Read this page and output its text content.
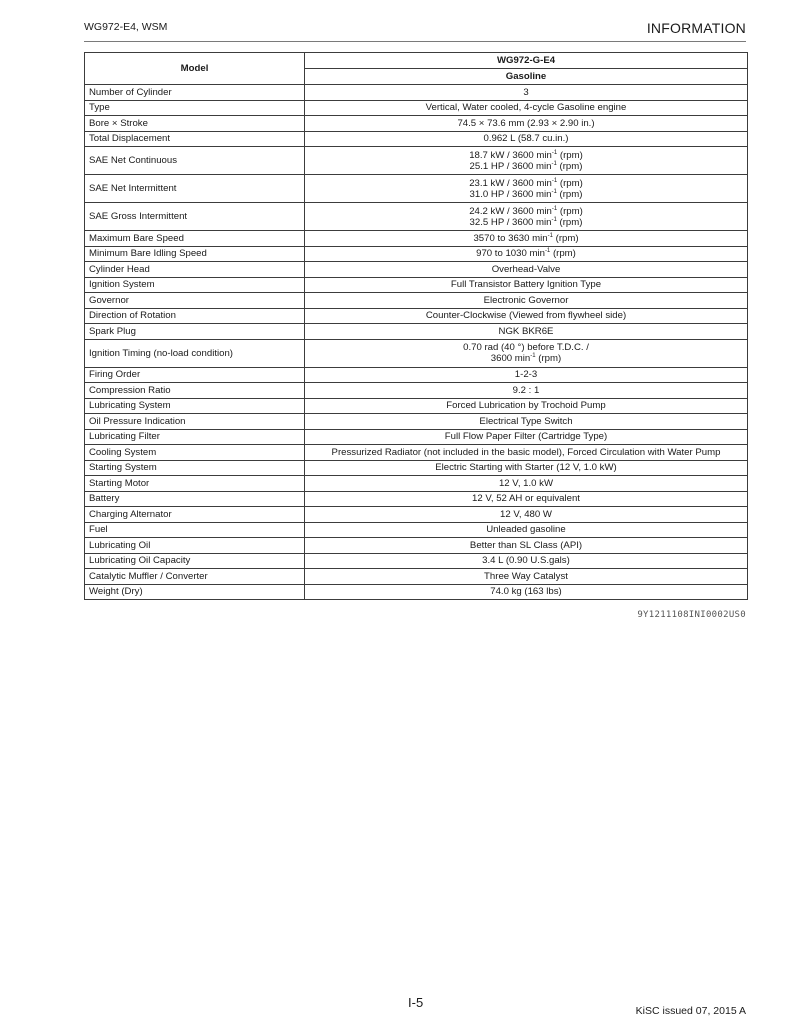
WG972-E4, WSM	INFORMATION
Model	WG972-G-E4
	Gasoline
Number of Cylinder	3
Type	Vertical, Water cooled, 4-cycle Gasoline engine
Bore × Stroke	74.5 × 73.6 mm (2.93 × 2.90 in.)
Total Displacement	0.962 L (58.7 cu.in.)
SAE Net Continuous	18.7 kW / 3600 $\min^{-1} (rpm)$
25.1 HP / 3600 $\min^{-1} (rpm)$
SAE Net Intermittent	23.1 kW / 3600 $\min^{-1} (rpm)$
31.0 HP / 3600 $\min^{-1} (rpm)$
SAE Gross Intermittent	24.2 kW / 3600 $\min^{-1} (rpm)$
32.5 HP / 3600 $\min^{-1} (rpm)$
Maximum Bare Speed	3570 to 3630 $\min^{-1} (rpm)$
Minimum Bare Idling Speed	970 to 1030 $\min^{-1} (rpm)$
Cylinder Head	Overhead-Valve
Ignition System	Full Transistor Battery Ignition Type
Governor	Electronic Governor
Direction of Rotation	Counter-Clockwise (Viewed from flywheel side)
Spark Plug	NGK BKR6E
Ignition Timing (no-load condition)	0.70 rad (40 °) before T.D.C. /
3600 $\min^{-1} (rpm)$
Firing Order	1-2-3
Compression Ratio	9.2 : 1
Lubricating System	Forced Lubrication by Trochoid Pump
Oil Pressure Indication	Electrical Type Switch
Lubricating Filter	Full Flow Paper Filter (Cartridge Type)
Cooling System	Pressurized Radiator (not included in the basic model), Forced Circulation with Water Pump
Starting System	Electric Starting with Starter (12 V, 1.0 kW)
Starting Motor	12 V, 1.0 kW
Battery	12 V, 52 AH or equivalent
Charging Alternator	12 V, 480 W
Fuel	Unleaded gasoline
Lubricating Oil	Better than SL Class (API)
Lubricating Oil Capacity	3.4 L (0.90 U.S.gals)
Catalytic Muffler / Converter	Three Way Catalyst
Weight (Dry)	74.0 kg (163 lbs)
9Y1211108INI0002US0
I-5
KiSC issued 07, 2015 A
